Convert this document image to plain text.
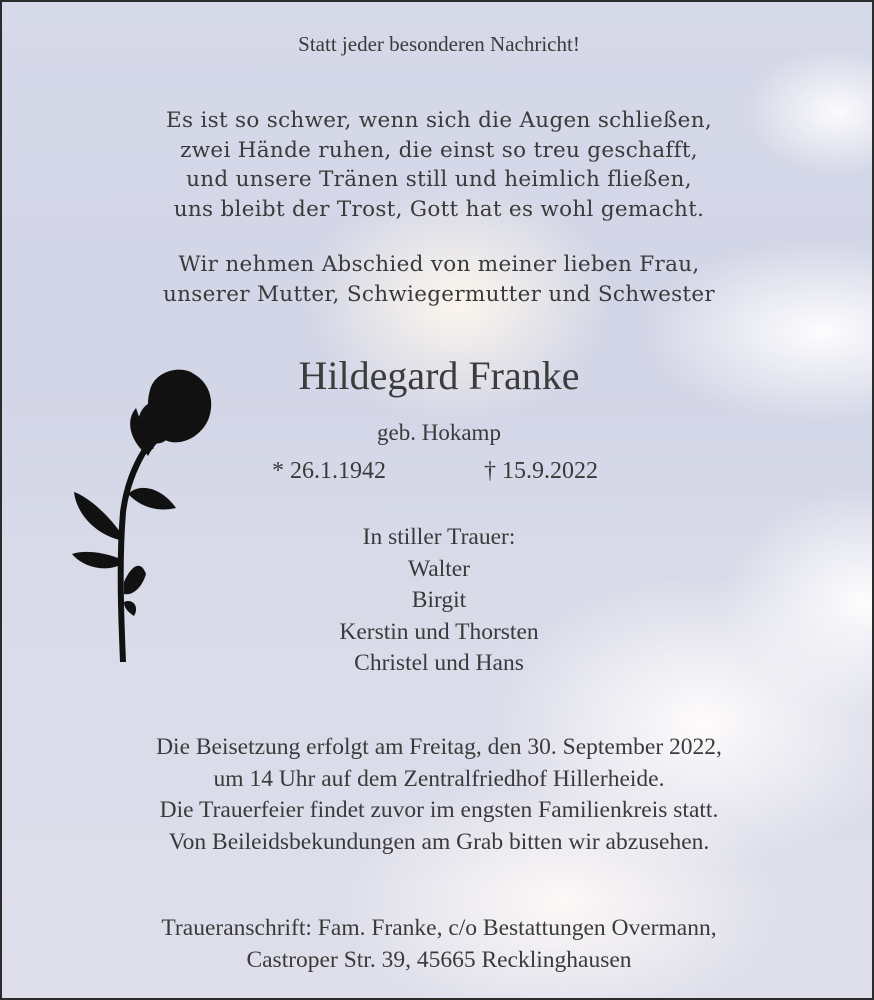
Statt jeder besonderen Nachricht!
Es ist so schwer, wenn sich die Augen schließen,
zwei Hände ruhen, die einst so treu geschafft,
und unsere Tränen still und heimlich fließen,
uns bleibt der Trost, Gott hat es wohl gemacht.
Wir nehmen Abschied von meiner lieben Frau,
unserer Mutter, Schwiegermutter und Schwester
Hildegard Franke
geb. Hokamp
* 26.1.1942	† 15.9.2022
In stiller Trauer:
Walter
Birgit
Kerstin und Thorsten
Christel und Hans
Die Beisetzung erfolgt am Freitag, den 30. September 2022,
um 14 Uhr auf dem Zentralfriedhof Hillerheide.
Die Trauerfeier findet zuvor im engsten Familienkreis statt.
Von Beileidsbekundungen am Grab bitten wir abzusehen.
Traueranschrift: Fam. Franke, c/o Bestattungen Overmann,
Castroper Str. 39, 45665 Recklinghausen
